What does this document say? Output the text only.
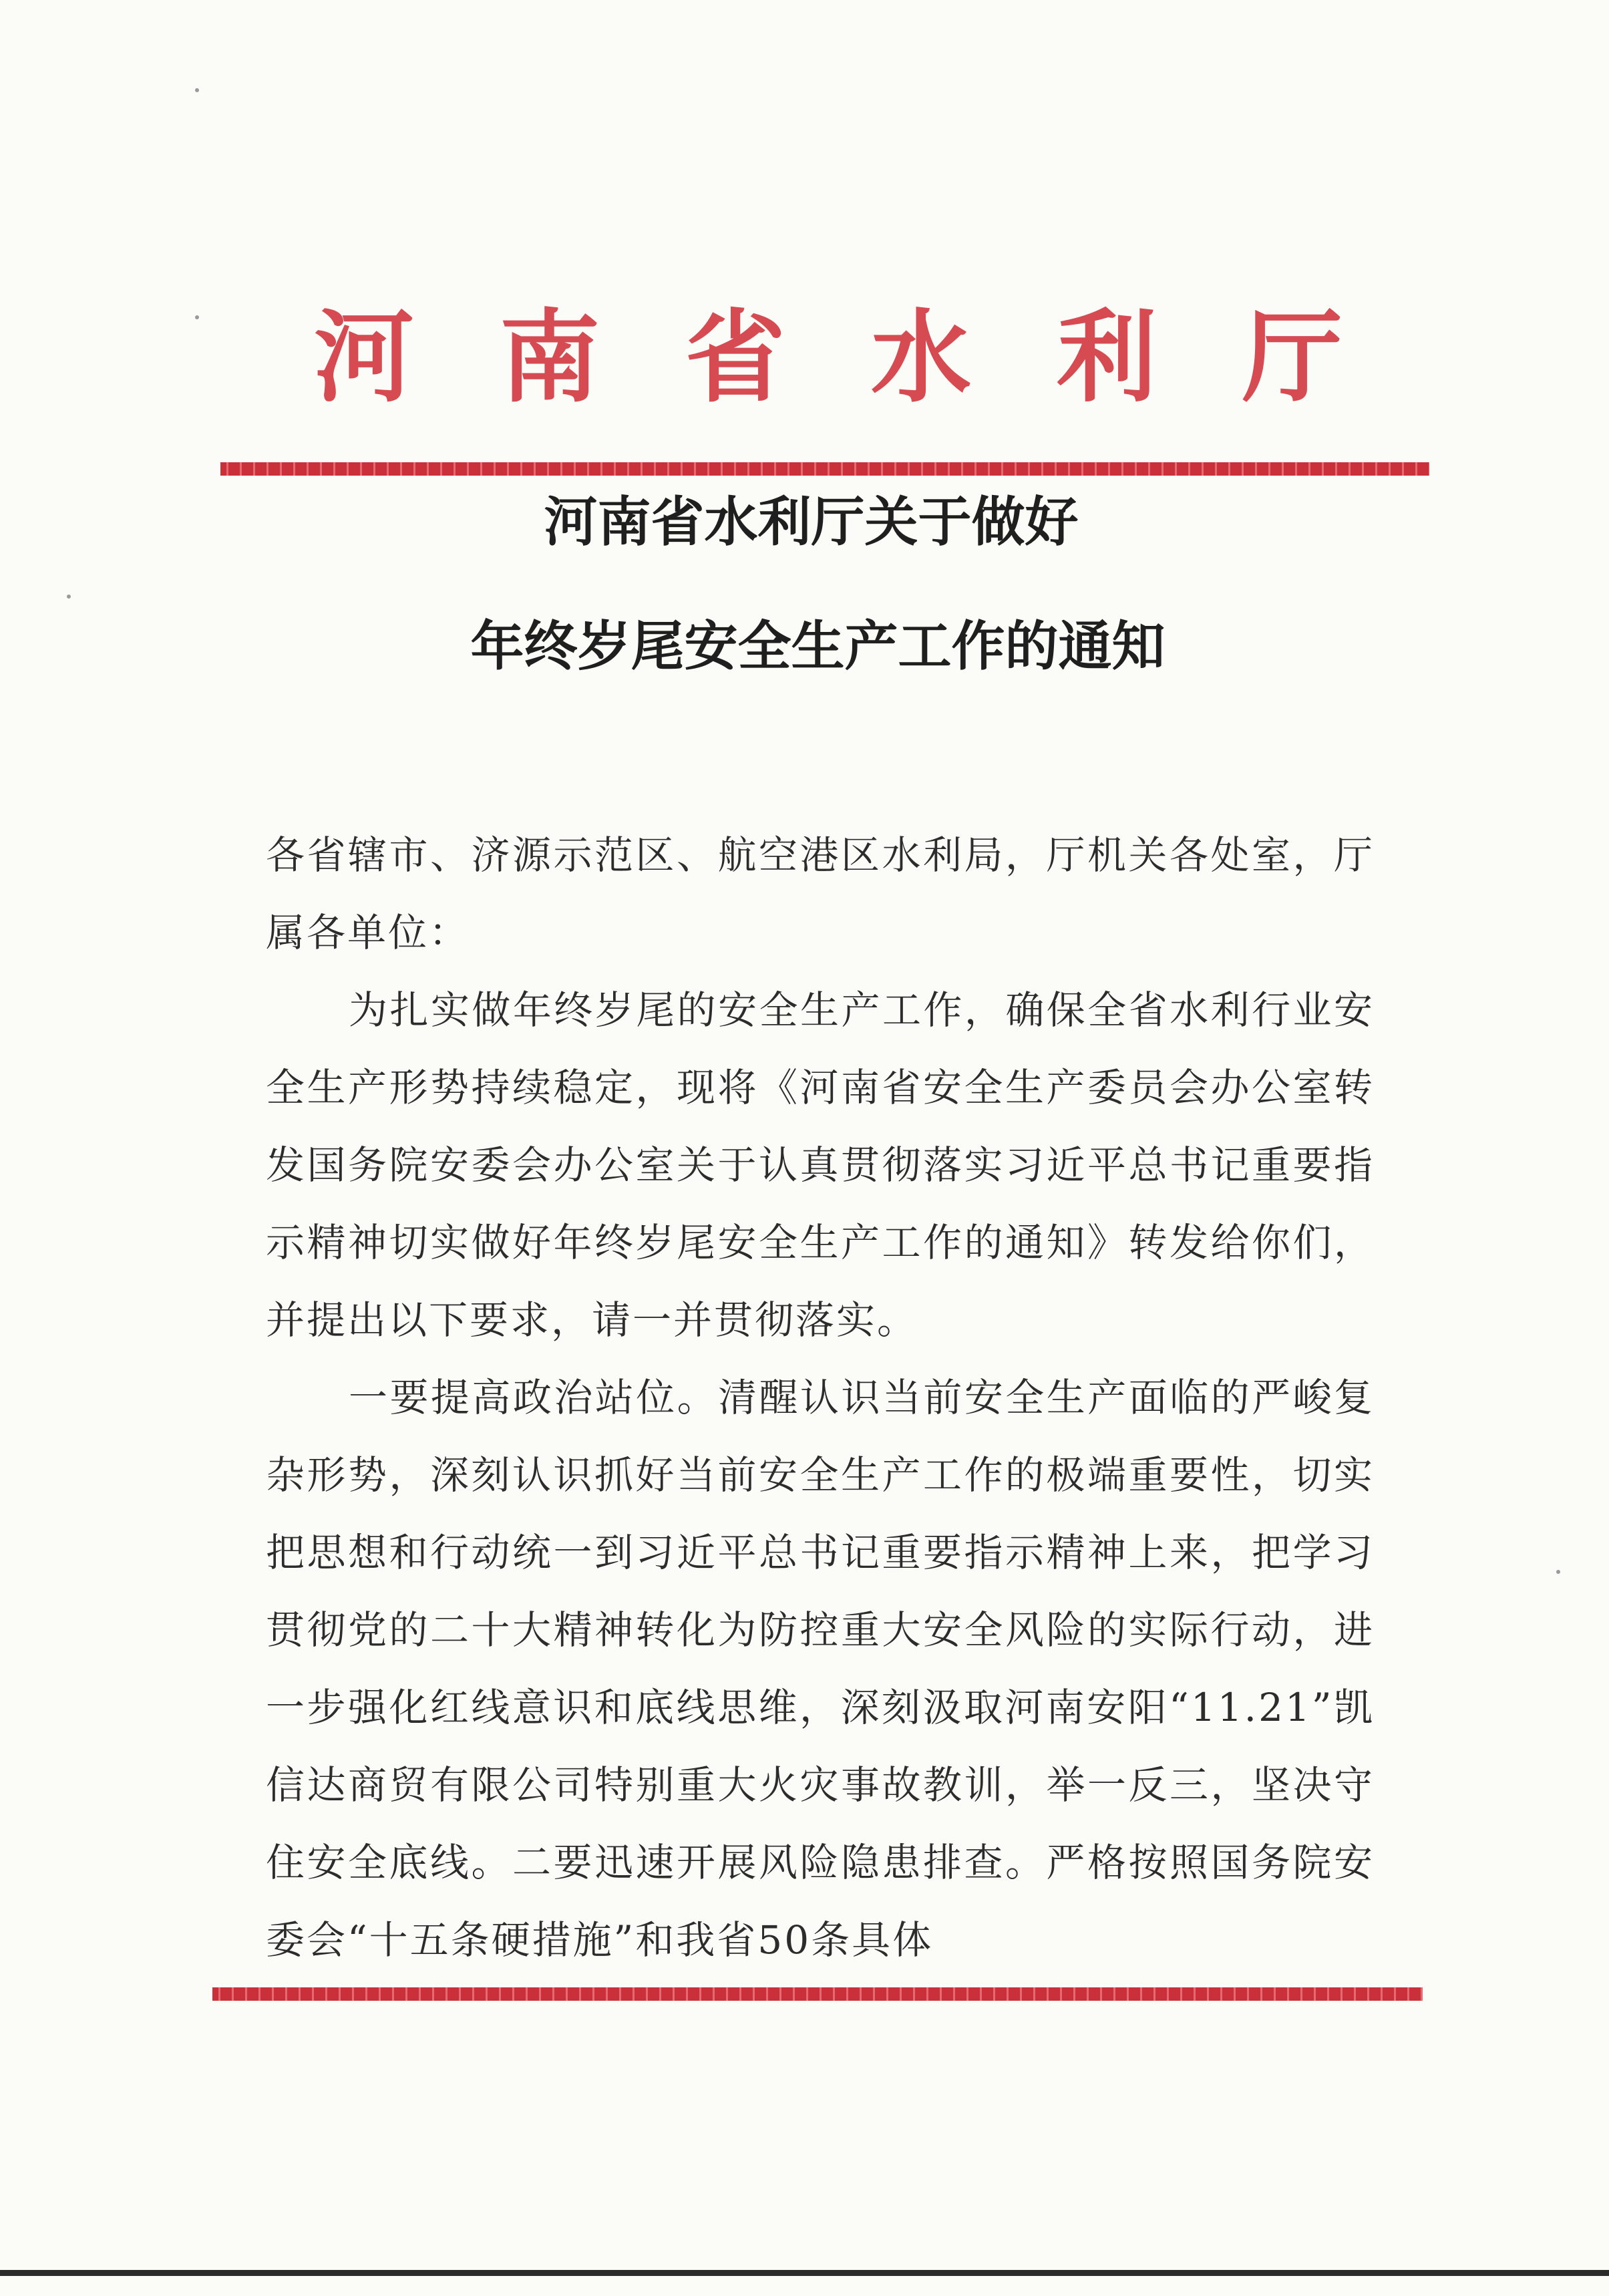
河 南 省 水 利 厅
河南省水利厅关于做好
年终岁尾安全生产工作的通知

各省辖市、济源示范区、航空港区水利局，厅机关各处室，厅属各单位：

为扎实做年终岁尾的安全生产工作，确保全省水利行业安全生产形势持续稳定，现将《河南省安全生产委员会办公室转发国务院安委会办公室关于认真贯彻落实习近平总书记重要指示精神切实做好年终岁尾安全生产工作的通知》转发给你们，并提出以下要求，请一并贯彻落实。

一要提高政治站位。清醒认识当前安全生产面临的严峻复杂形势，深刻认识抓好当前安全生产工作的极端重要性，切实把思想和行动统一到习近平总书记重要指示精神上来，把学习贯彻党的二十大精神转化为防控重大安全风险的实际行动，进一步强化红线意识和底线思维，深刻汲取河南安阳“11.21”凯信达商贸有限公司特别重大火灾事故教训，举一反三，坚决守住安全底线。二要迅速开展风险隐患排查。严格按照国务院安委会“十五条硬措施”和我省50条具体
